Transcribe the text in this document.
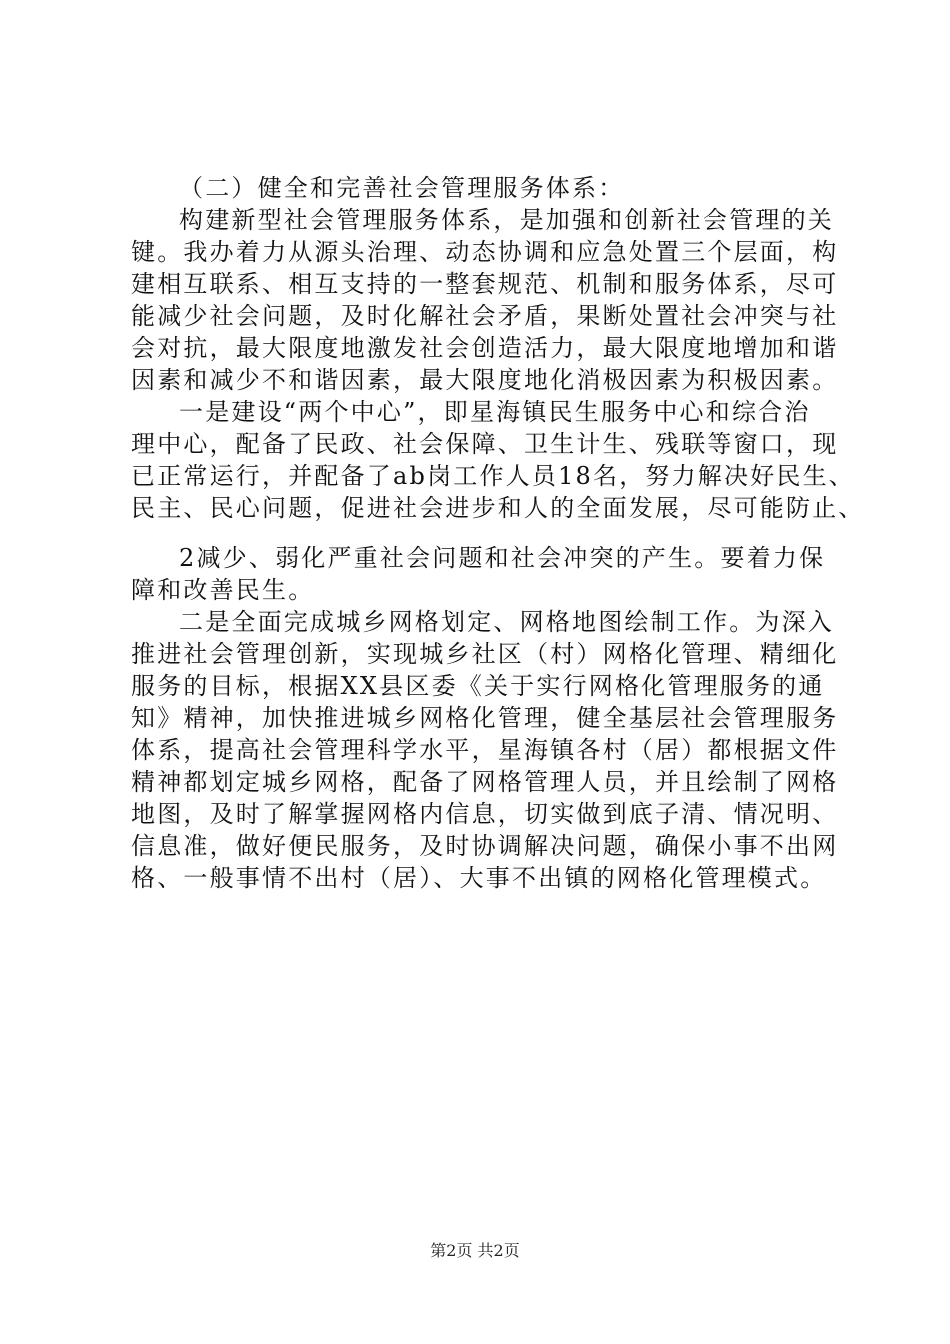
（二）健全和完善社会管理服务体系：
构建新型社会管理服务体系，是加强和创新社会管理的关
键。我办着力从源头治理、动态协调和应急处置三个层面，构
建相互联系、相互支持的一整套规范、机制和服务体系，尽可
能减少社会问题，及时化解社会矛盾，果断处置社会冲突与社
会对抗，最大限度地激发社会创造活力，最大限度地增加和谐
因素和减少不和谐因素，最大限度地化消极因素为积极因素。
一是建设“两个中心”，即星海镇民生服务中心和综合治
理中心，配备了民政、社会保障、卫生计生、残联等窗口，现
已正常运行，并配备了ab岗工作人员18名，努力解决好民生、
民主、民心问题，促进社会进步和人的全面发展，尽可能防止、
2减少、弱化严重社会问题和社会冲突的产生。要着力保
障和改善民生。
二是全面完成城乡网格划定、网格地图绘制工作。为深入
推进社会管理创新，实现城乡社区（村）网格化管理、精细化
服务的目标，根据XX县区委《关于实行网格化管理服务的通
知》精神，加快推进城乡网格化管理，健全基层社会管理服务
体系，提高社会管理科学水平，星海镇各村（居）都根据文件
精神都划定城乡网格，配备了网格管理人员，并且绘制了网格
地图，及时了解掌握网格内信息，切实做到底子清、情况明、
信息准，做好便民服务，及时协调解决问题，确保小事不出网
格、一般事情不出村（居）、大事不出镇的网格化管理模式。
第2页 共2页
